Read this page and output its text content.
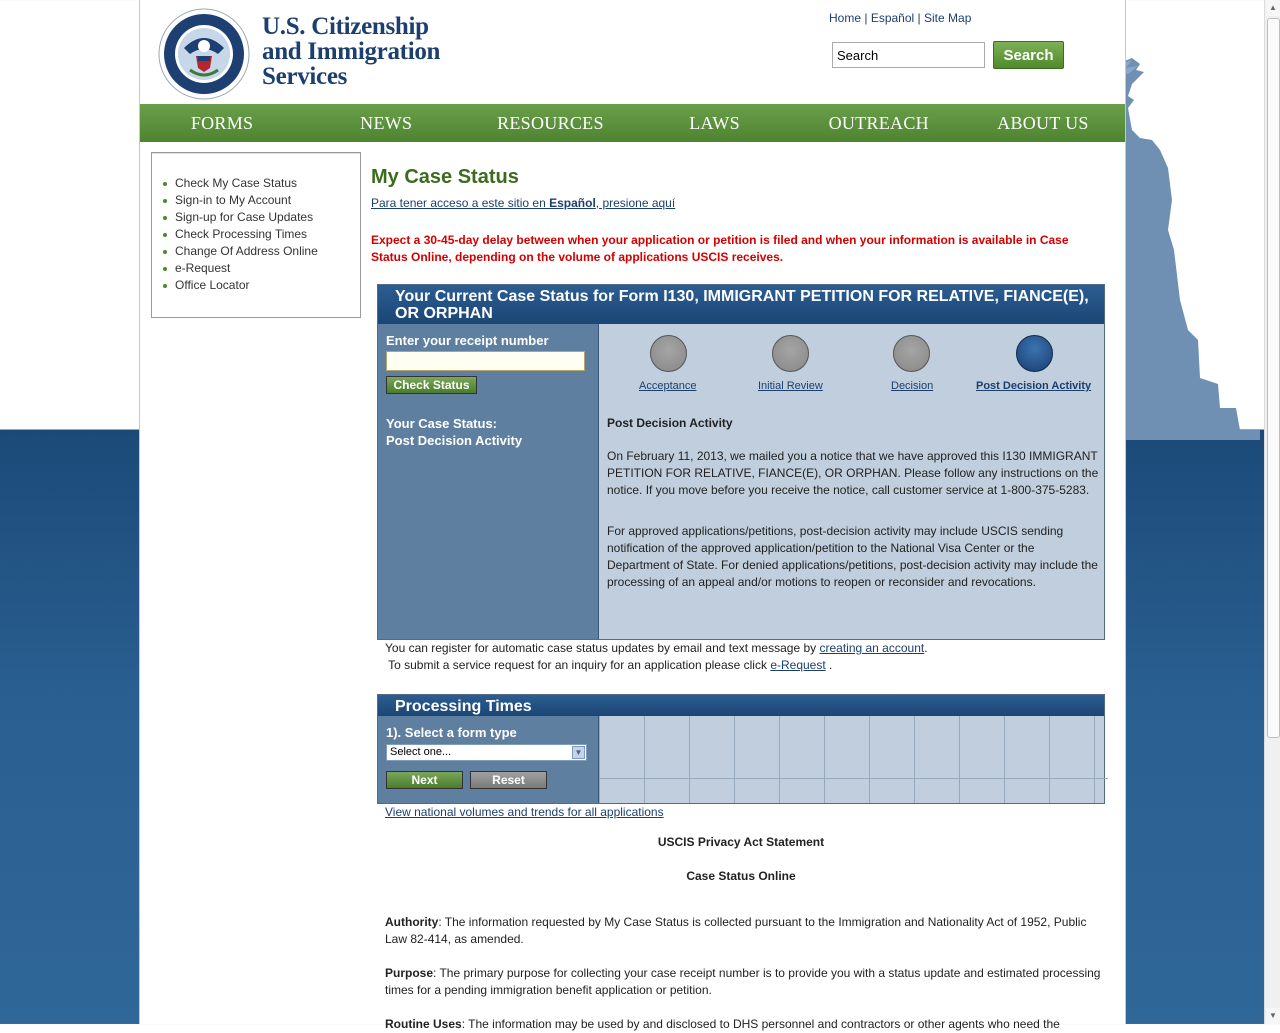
U.S. Citizenship
and Immigration
Services
Home | Español | Site Map
Search
Search
FORMS	NEWS	RESOURCES	LAWS	OUTREACH	ABOUT US
Check My Case Status
Sign-in to My Account
Sign-up for Case Updates
Check Processing Times
Change Of Address Online
e-Request
Office Locator
My Case Status
Para tener acceso a este sitio en Español, presione aquí
Expect a 30-45-day delay between when your application or petition is filed and when your information is available in Case Status Online, depending on the volume of applications USCIS receives.
Your Current Case Status for Form I130, IMMIGRANT PETITION FOR RELATIVE, FIANCE(E), OR ORPHAN
Enter your receipt number
Check Status
Your Case Status:
Post Decision Activity
Acceptance	Initial Review	Decision	Post Decision Activity
Post Decision Activity
On February 11, 2013, we mailed you a notice that we have approved this I130 IMMIGRANT PETITION FOR RELATIVE, FIANCE(E), OR ORPHAN. Please follow any instructions on the notice. If you move before you receive the notice, call customer service at 1-800-375-5283.
For approved applications/petitions, post-decision activity may include USCIS sending notification of the approved application/petition to the National Visa Center or the Department of State. For denied applications/petitions, post-decision activity may include the processing of an appeal and/or motions to reopen or reconsider and revocations.
You can register for automatic case status updates by email and text message by creating an account.
To submit a service request for an inquiry for an application please click e-Request .
Processing Times
1). Select a form type
Select one...	▼
Next	Reset
View national volumes and trends for all applications
USCIS Privacy Act Statement
Case Status Online
Authority: The information requested by My Case Status is collected pursuant to the Immigration and Nationality Act of 1952, Public Law 82-414, as amended.
Purpose: The primary purpose for collecting your case receipt number is to provide you with a status update and estimated processing times for a pending immigration benefit application or petition.
Routine Uses: The information may be used by and disclosed to DHS personnel and contractors or other agents who need the
▲
▼
